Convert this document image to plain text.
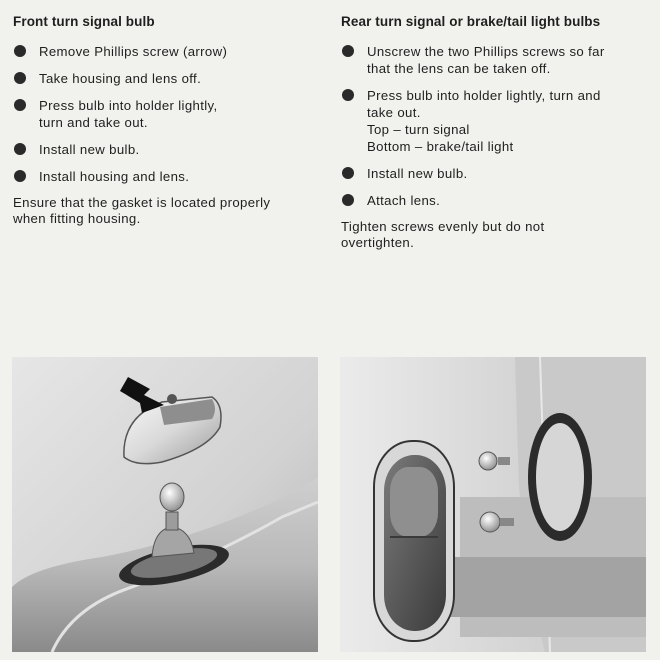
Front turn signal bulb
Remove Phillips screw (arrow)
Take housing and lens off.
Press bulb into holder lightly,
turn and take out.
Install new bulb.
Install housing and lens.
Ensure that the gasket is located properly
when fitting housing.
Rear turn signal or brake/tail light bulbs
Unscrew the two Phillips screws so far
that the lens can be taken off.
Press bulb into holder lightly, turn and
take out.
Top – turn signal
Bottom – brake/tail light
Install new bulb.
Attach lens.
Tighten screws evenly but do not
overtighten.
